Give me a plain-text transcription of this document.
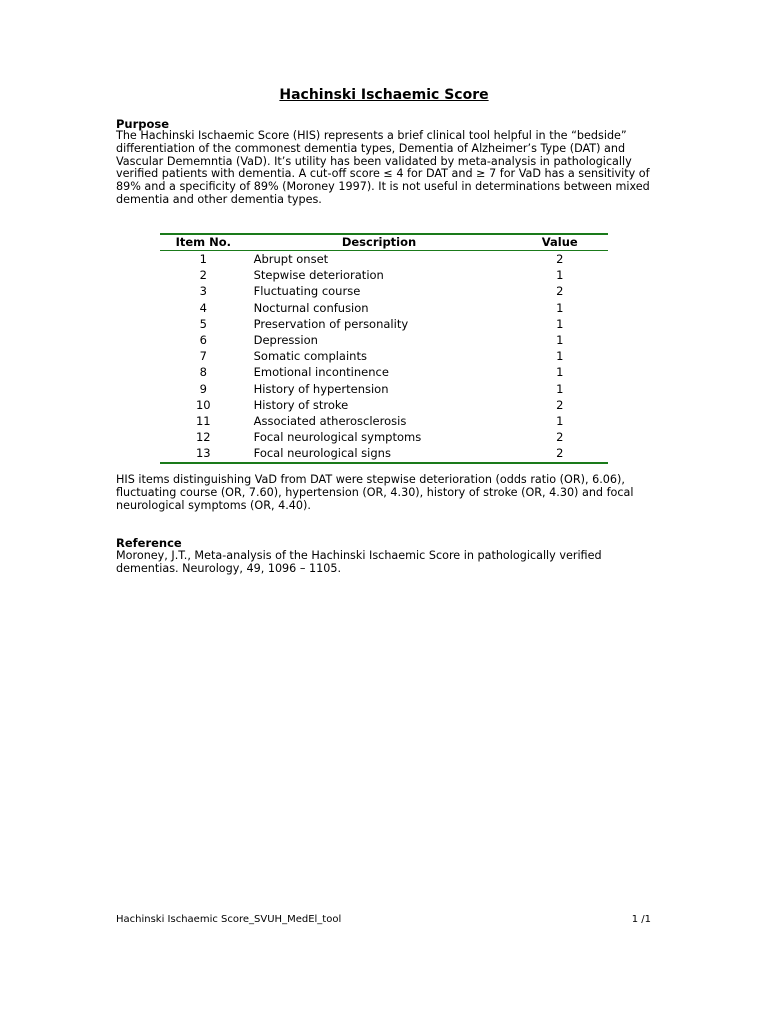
Hachinski Ischaemic Score
Purpose
The Hachinski Ischaemic Score (HIS) represents a brief clinical tool helpful in the “bedside” differentiation of the commonest dementia types, Dementia of Alzheimer’s Type (DAT) and Vascular Dememntia (VaD). It’s utility has been validated by meta-analysis in pathologically verified patients with dementia. A cut-off score ≤ 4 for DAT and ≥ 7 for VaD has a sensitivity of 89% and a specificity of 89% (Moroney 1997). It is not useful in determinations between mixed dementia and other dementia types.
Item No.	Description	Value
1	Abrupt onset	2
2	Stepwise deterioration	1
3	Fluctuating course	2
4	Nocturnal confusion	1
5	Preservation of personality	1
6	Depression	1
7	Somatic complaints	1
8	Emotional incontinence	1
9	History of hypertension	1
10	History of stroke	2
11	Associated atherosclerosis	1
12	Focal neurological symptoms	2
13	Focal neurological signs	2
HIS items distinguishing VaD from DAT were stepwise deterioration (odds ratio (OR), 6.06), fluctuating course (OR, 7.60), hypertension (OR, 4.30), history of stroke (OR, 4.30) and focal neurological symptoms (OR, 4.40).
Reference
Moroney, J.T., Meta-analysis of the Hachinski Ischaemic Score in pathologically verified dementias. Neurology, 49, 1096 – 1105.
Hachinski Ischaemic Score_SVUH_MedEl_tool	1 /1
